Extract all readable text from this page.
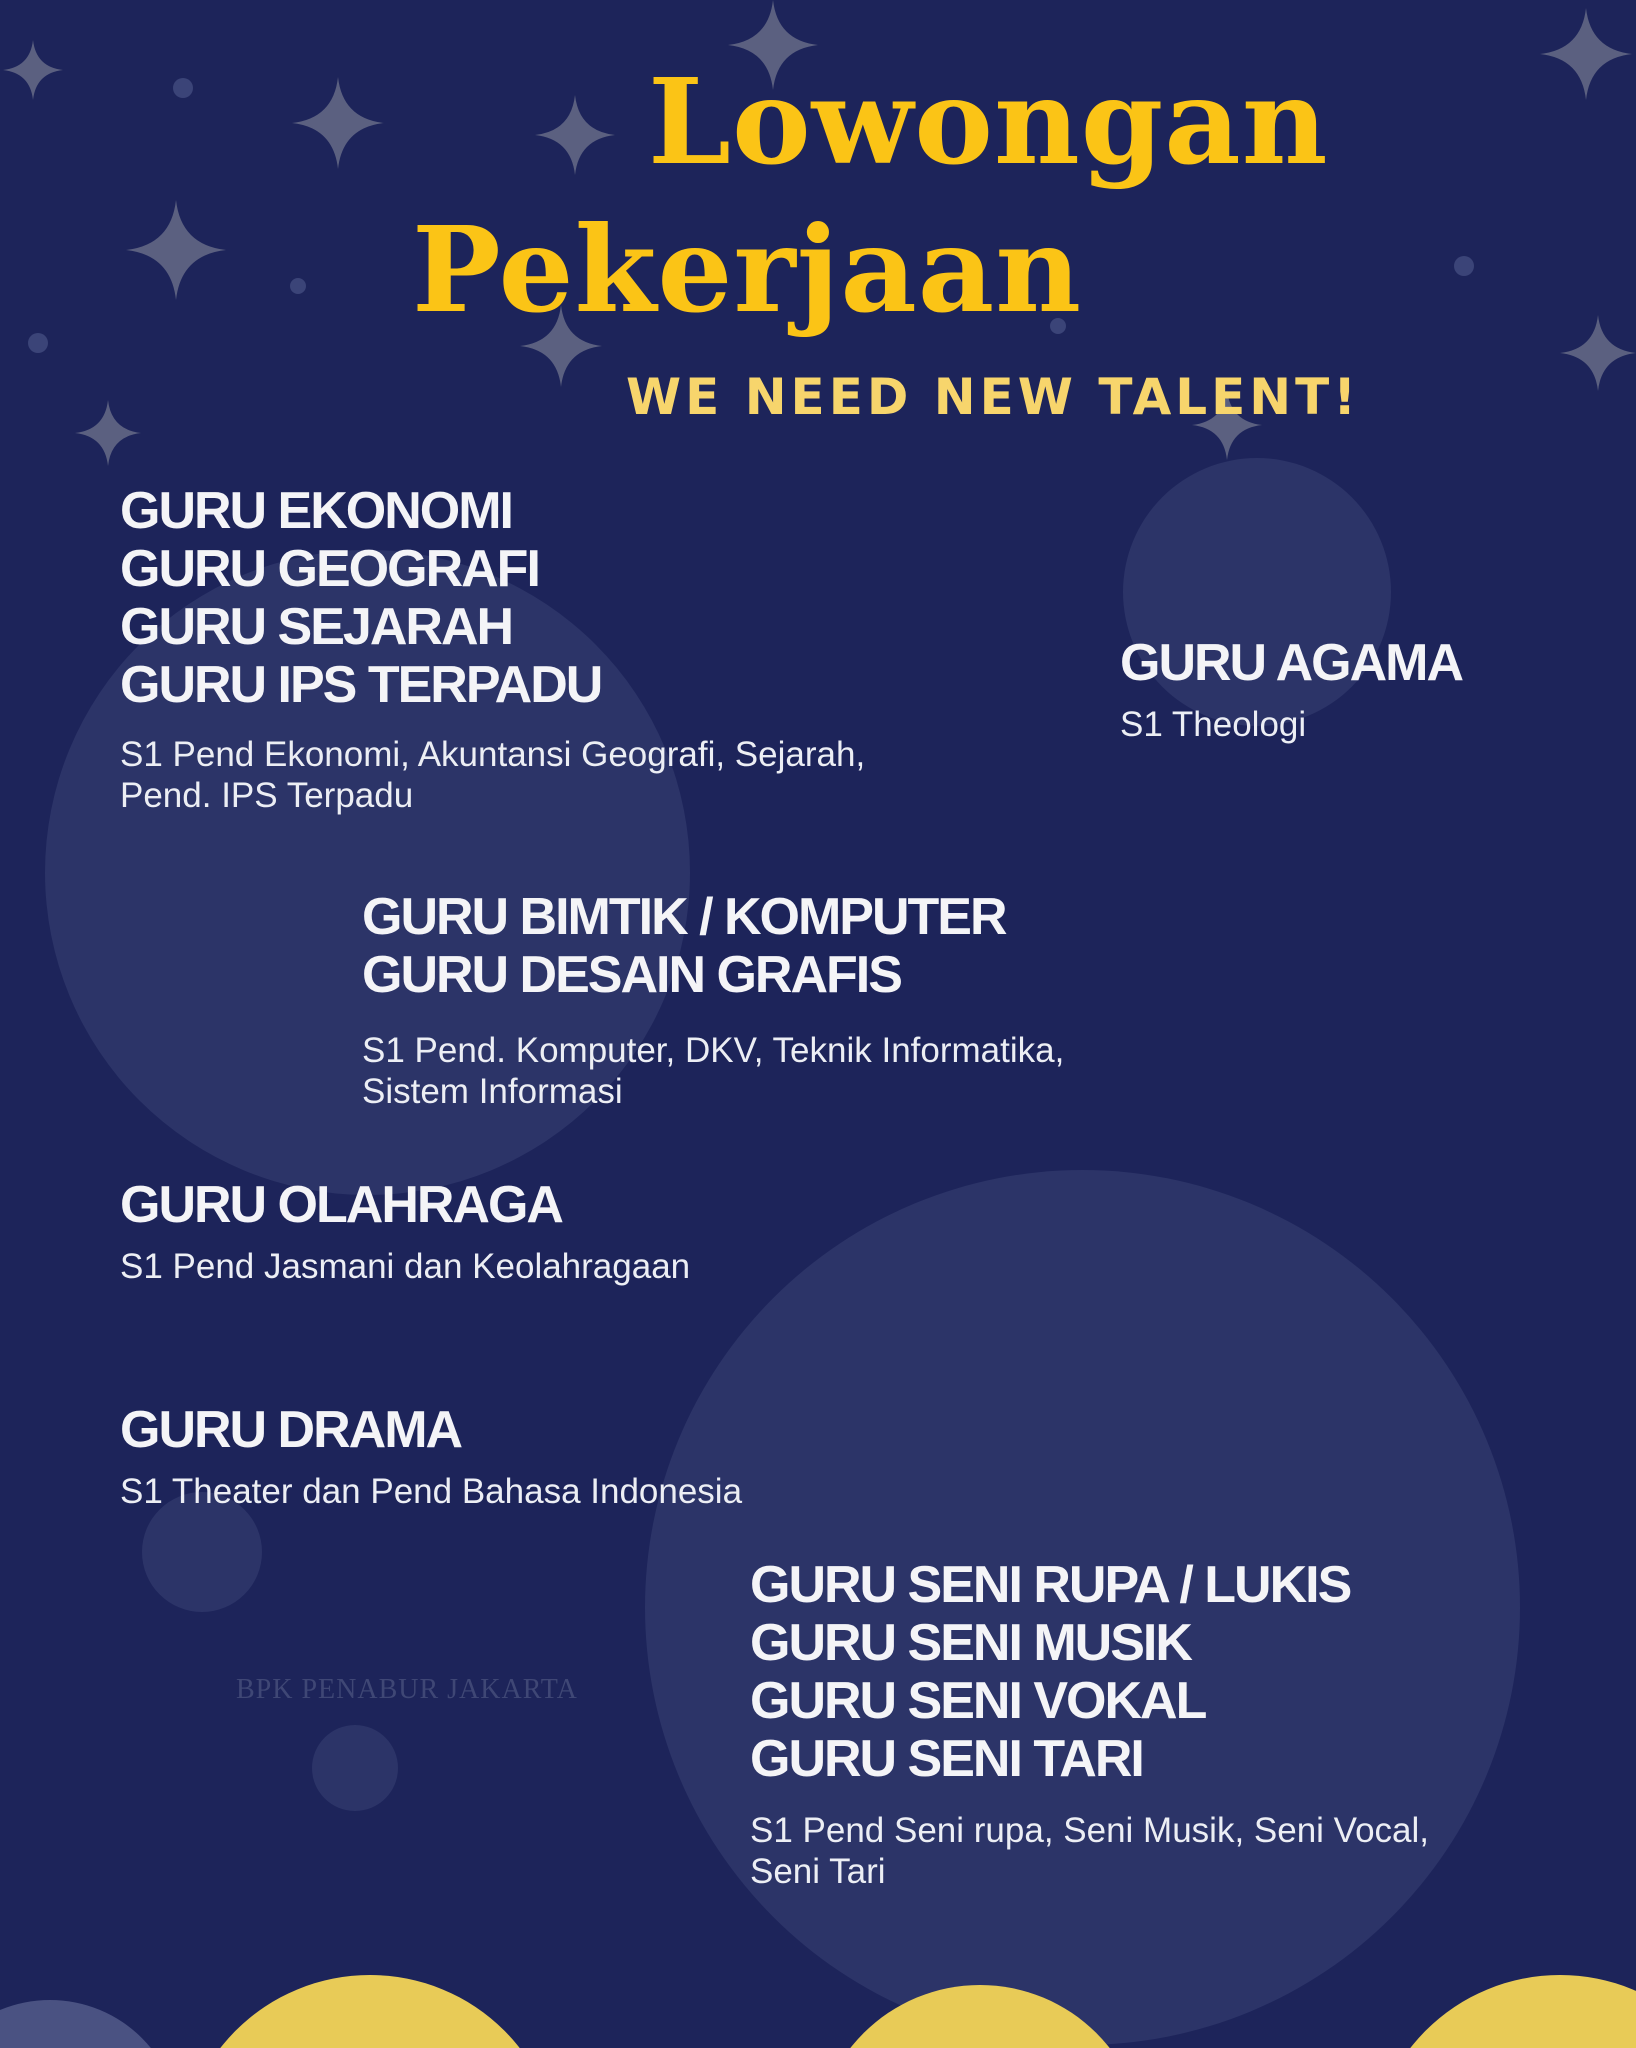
Lowongan
Pekerjaan
WE NEED NEW TALENT!
GURU EKONOMI
GURU GEOGRAFI
GURU SEJARAH
GURU IPS TERPADU
S1 Pend Ekonomi, Akuntansi Geografi, Sejarah,
Pend. IPS Terpadu
GURU AGAMA
S1 Theologi
GURU BIMTIK / KOMPUTER
GURU DESAIN GRAFIS
S1 Pend. Komputer, DKV, Teknik Informatika,
Sistem Informasi
GURU OLAHRAGA
S1 Pend Jasmani dan Keolahragaan
GURU DRAMA
S1 Theater dan Pend Bahasa Indonesia
GURU SENI RUPA / LUKIS
GURU SENI MUSIK
GURU SENI VOKAL
GURU SENI TARI
S1 Pend Seni rupa, Seni Musik, Seni Vocal,
Seni Tari
BPK PENABUR JAKARTA
